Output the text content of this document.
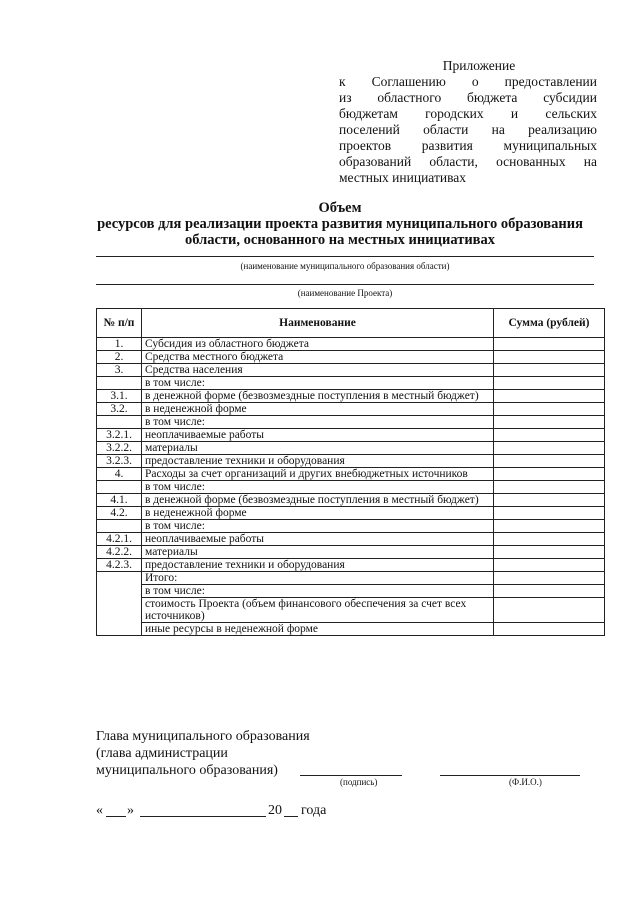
Приложение
к Соглашению о предоставлении
из областного бюджета субсидии
бюджетам городских и сельских
поселений области на реализацию
проектов развития муниципальных
образований области, основанных на
местных инициативах
Объем
ресурсов для реализации проекта развития муниципального образования
области, основанного на местных инициативах
(наименование муниципального образования области)
(наименование Проекта)
№ п/п	Наименование	Сумма (рублей)
1.	Субсидия из областного бюджета	
2.	Средства местного бюджета	
3.	Средства населения	
	в том числе:	
3.1.	в денежной форме (безвозмездные поступления в местный бюджет)	
3.2.	в неденежной форме	
	в том числе:	
3.2.1.	неоплачиваемые работы	
3.2.2.	материалы	
3.2.3.	предоставление техники и оборудования	
4.	Расходы за счет организаций и других внебюджетных источников	
	в том числе:	
4.1.	в денежной форме (безвозмездные поступления в местный бюджет)	
4.2.	в неденежной форме	
	в том числе:	
4.2.1.	неоплачиваемые работы	
4.2.2.	материалы	
4.2.3.	предоставление техники и оборудования	
	Итого:	
	в том числе:	
	стоимость Проекта (объем финансового обеспечения за счет всех источников)	
	иные ресурсы в неденежной форме	
Глава муниципального образования
(глава администрации
муниципального образования)
(подпись)	(Ф.И.О.)
« »	20 года
